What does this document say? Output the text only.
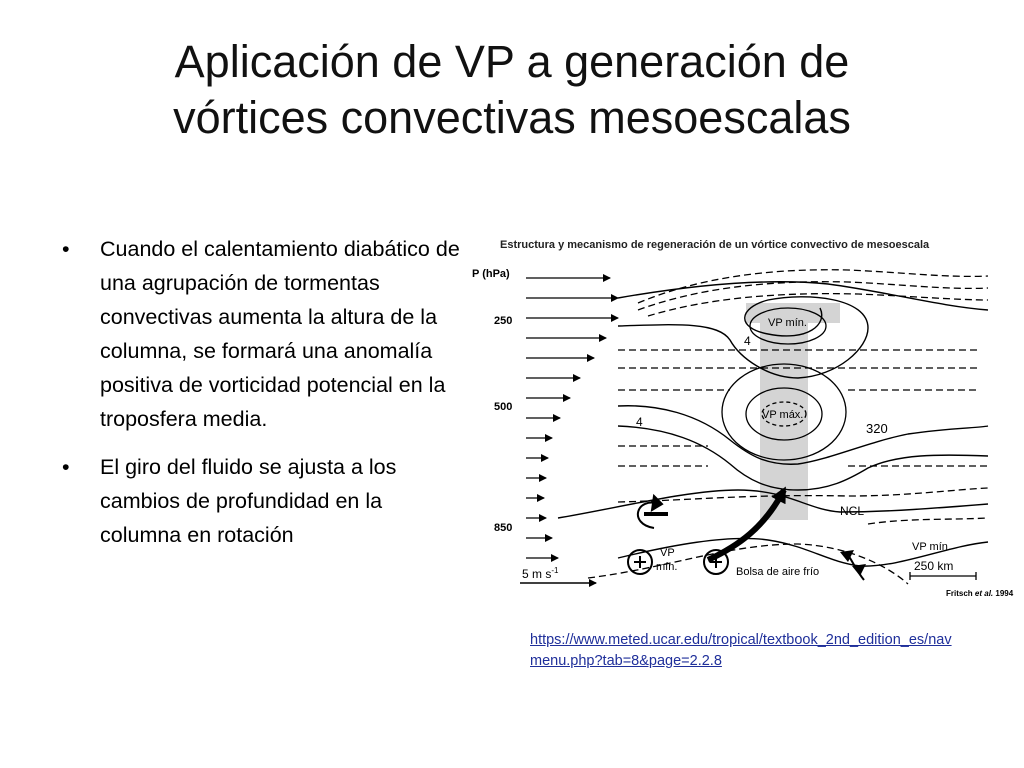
Aplicación de VP a generación de
vórtices convectivas mesoescalas
• Cuando el calentamiento diabático de una agrupación de tormentas convectivas aumenta la altura de la columna, se formará una anomalía positiva de vorticidad potencial en la troposfera media.
• El giro del fluido se ajusta a los cambios de profundidad en la columna en rotación
Estructura y mecanismo de regeneración de un vórtice convectivo de mesoescala
P (hPa)
250
500
850
VP mín.
4
VP máx.
4	320
NCL
VP
mín.	Bolsa de aire frío
VP mín.
5 m $s^{-1}$	250 km
Fritsch et al. 1994
https://www.meted.ucar.edu/tropical/textbook_2nd_edition_es/navmenu.php?tab=8&page=2.2.8
